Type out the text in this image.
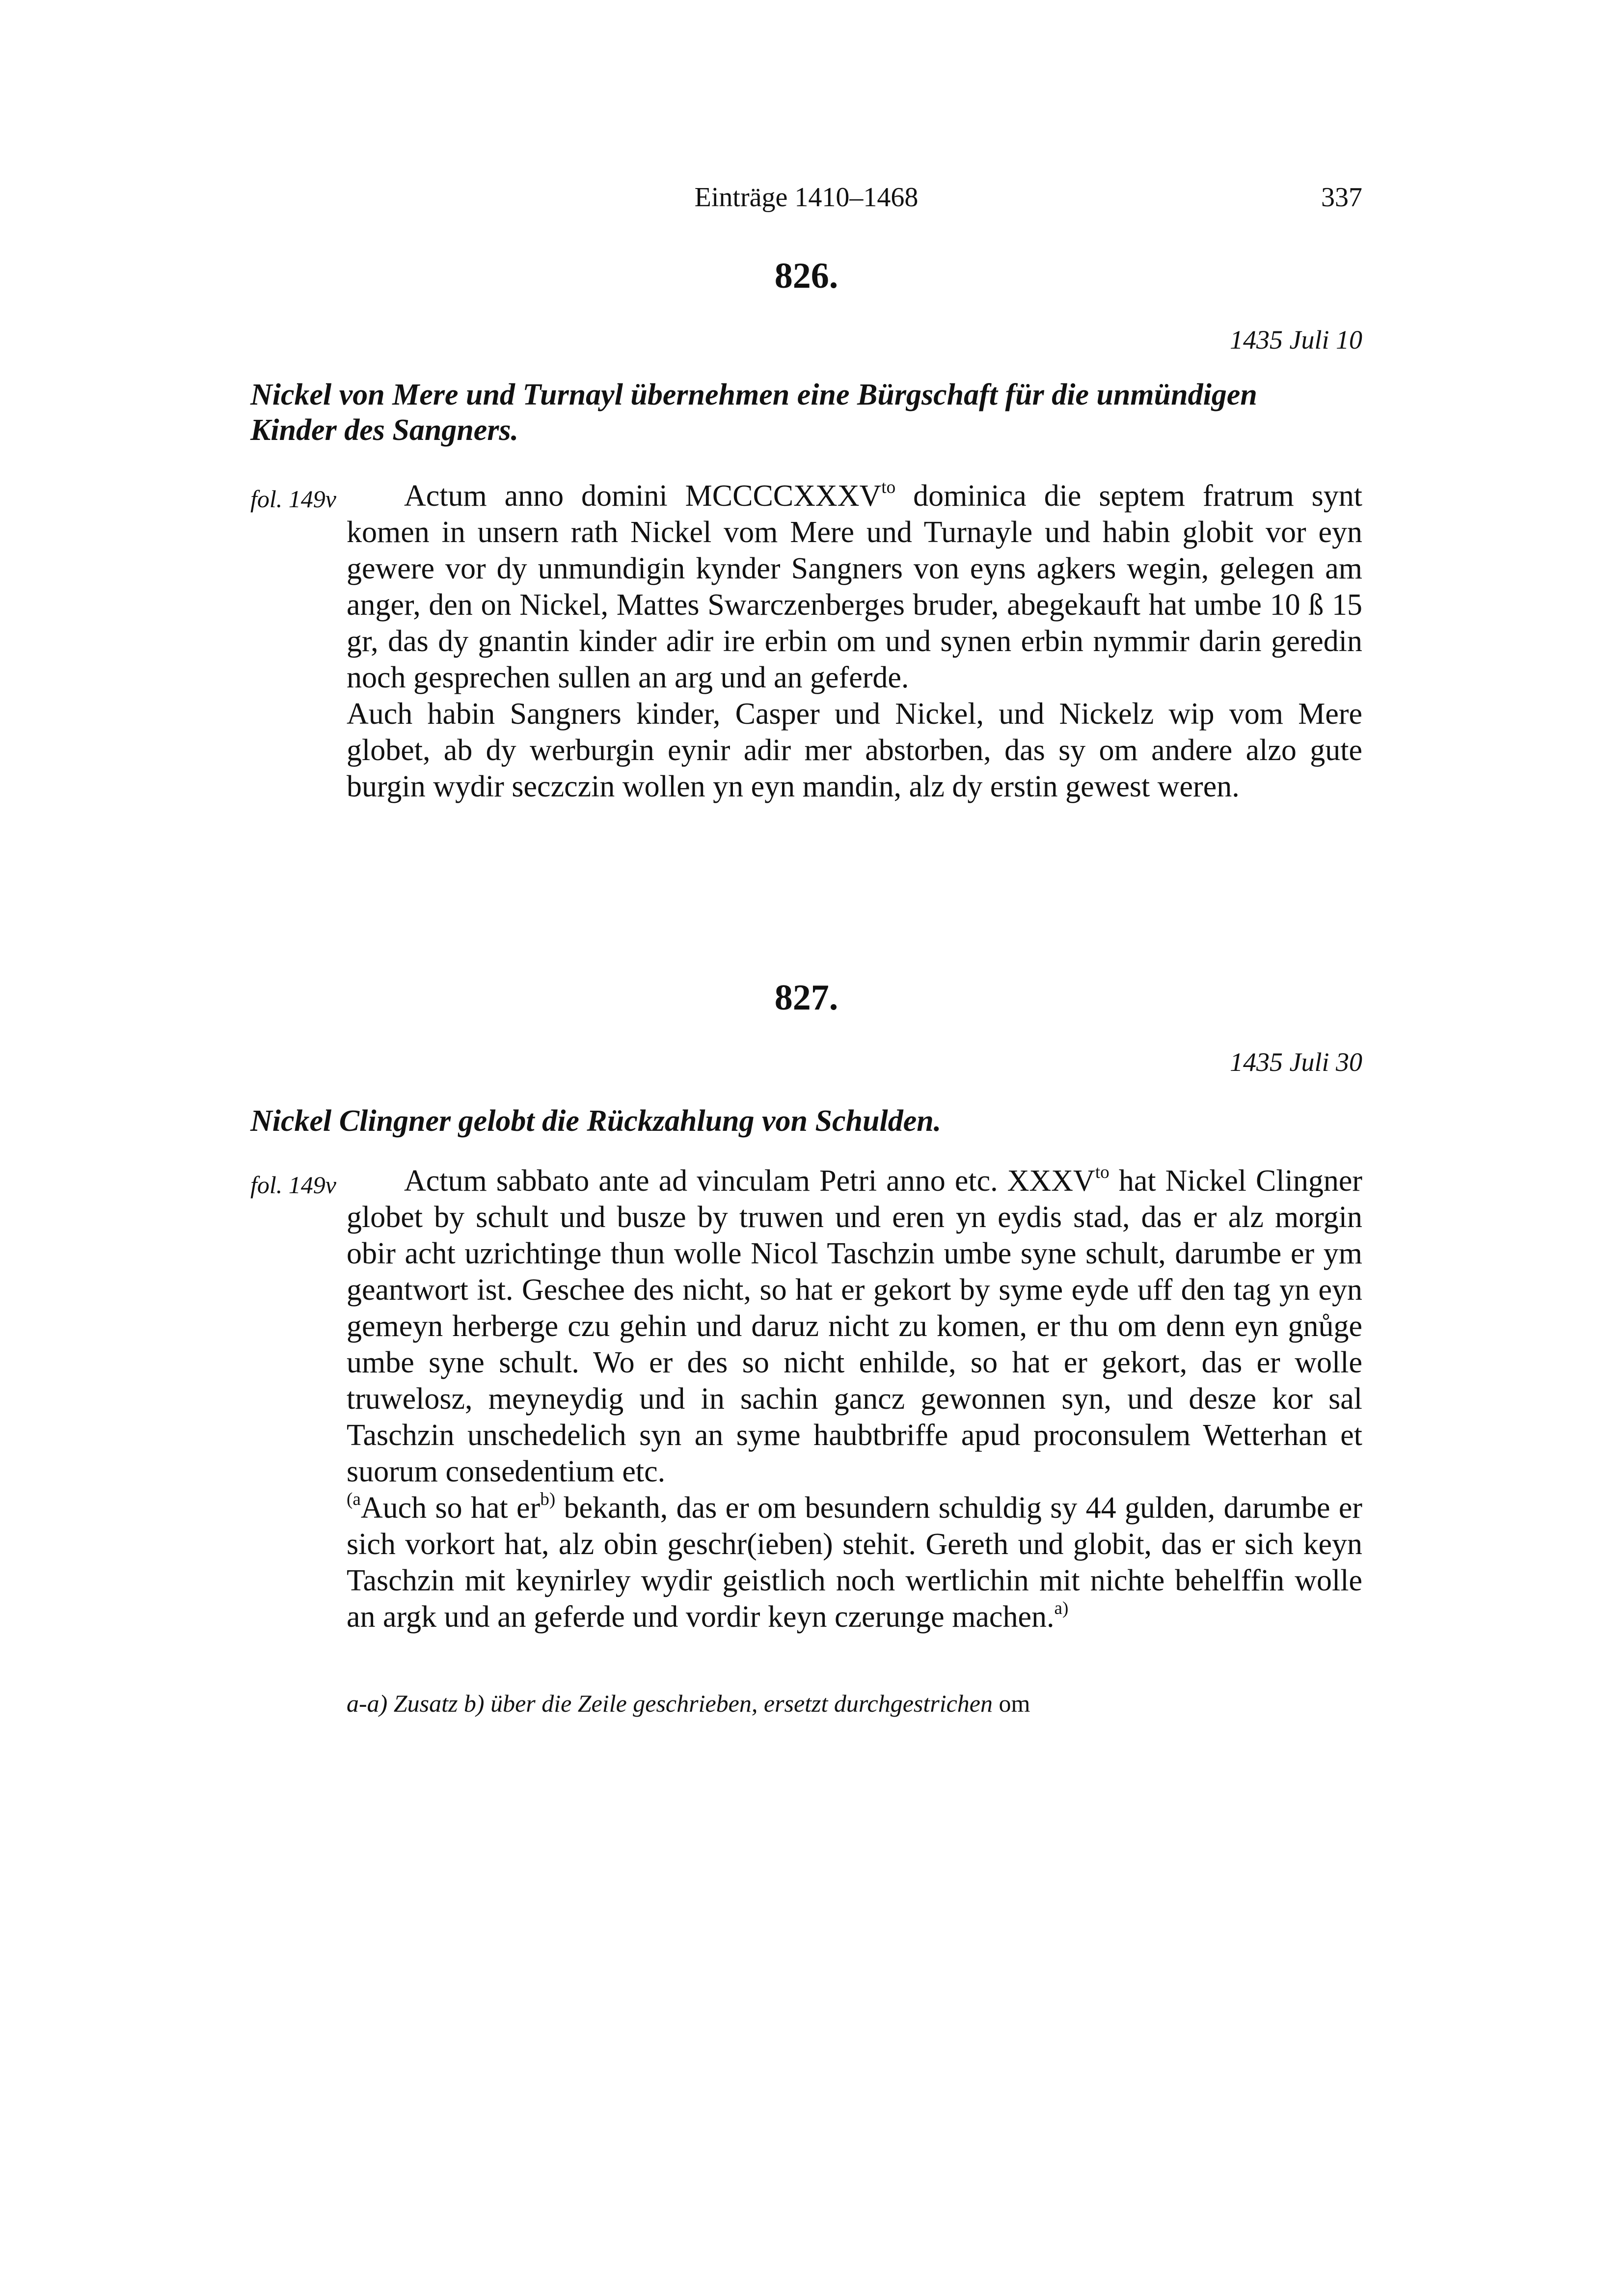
Einträge 1410–1468	337
826.
1435 Juli 10
Nickel von Mere und Turnayl übernehmen eine Bürgschaft für die unmündigen
Kinder des Sangners.
fol. 149v	Actum anno domini $MCCCCXXXV^{to}$ dominica die septem fratrum synt komen in unsern rath Nickel vom Mere und Turnayle und habin globit vor eyn gewere vor dy unmundigin kynder Sangners von eyns agkers wegin, gelegen am anger, den on Nickel, Mattes Swarczenberges bruder, abegekauft hat umbe 10 ß 15 gr, das dy gnantin kinder adir ire erbin om und synen erbin nymmir darin geredin noch gesprechen sullen an arg und an geferde.

Auch habin Sangners kinder, Casper und Nickel, und Nickelz wip vom Mere globet, ab dy werburgin eynir adir mer abstorben, das sy om andere alzo gute burgin wydir seczczin wollen yn eyn mandin, alz dy erstin gewest weren.

827.
1435 Juli 30
Nickel Clingner gelobt die Rückzahlung von Schulden.
fol. 149v	Actum sabbato ante ad vinculam Petri anno etc. $XXXV^{to}$ hat Nickel Clingner globet by schult und busze by truwen und eren yn eydis stad, das er alz morgin obir acht uzrichtinge thun wolle Nicol Taschzin umbe syne schult, darumbe er ym geantwort ist. Geschee des nicht, so hat er gekort by syme eyde uff den tag yn eyn gemeyn herberge czu gehin und daruz nicht zu komen, er thu om denn eyn gnůge umbe syne schult. Wo er des so nicht enhilde, so hat er gekort, das er wolle truwelosz, meyneydig und in sachin gancz gewonnen syn, und desze kor sal Taschzin unschedelich syn an syme haubtbriffe apud proconsulem Wetterhan et suorum consedentium etc.

$^{(a}$Auch so hat $er^{b)}$ bekanth, das er om besundern schuldig sy 44 gulden, darumbe er sich vorkort hat, alz obin geschr(ieben) stehit. Gereth und globit, das er sich keyn Taschzin mit keynirley wydir geistlich noch wertlichin mit nichte behelffin wolle an argk und an geferde und vordir keyn czerunge machen.$^{a)}$

a-a) Zusatz b) über die Zeile geschrieben, ersetzt durchgestrichen om
